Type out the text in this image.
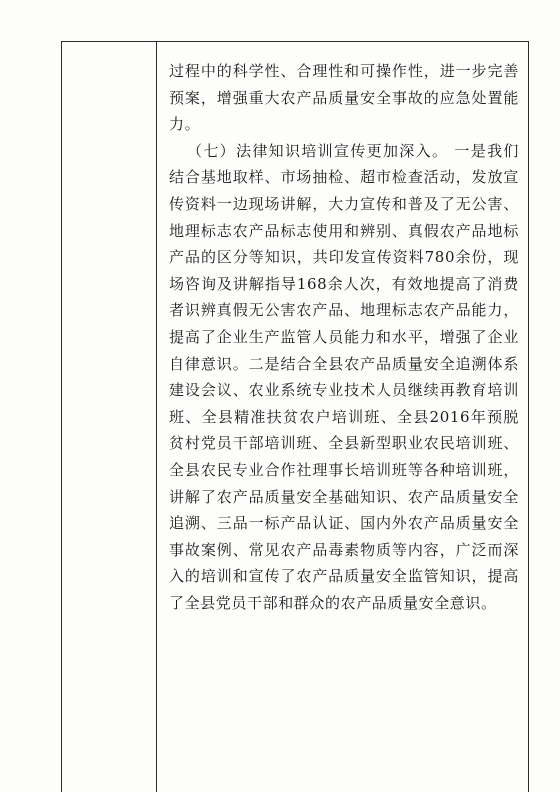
过程中的科学性、合理性和可操作性，进一步完善预案，增强重大农产品质量安全事故的应急处置能力。

（七）法律知识培训宣传更加深入。 一是我们结合基地取样、市场抽检、超市检查活动，发放宣传资料一边现场讲解，大力宣传和普及了无公害、地理标志农产品标志使用和辨别、真假农产品地标产品的区分等知识，共印发宣传资料780余份，现场咨询及讲解指导168余人次，有效地提高了消费者识辨真假无公害农产品、地理标志农产品能力，提高了企业生产监管人员能力和水平，增强了企业自律意识。二是结合全县农产品质量安全追溯体系建设会议、农业系统专业技术人员继续再教育培训班、全县精准扶贫农户培训班、全县2016年预脱贫村党员干部培训班、全县新型职业农民培训班、全县农民专业合作社理事长培训班等各种培训班，讲解了农产品质量安全基础知识、农产品质量安全追溯、三品一标产品认证、国内外农产品质量安全事故案例、常见农产品毒素物质等内容，广泛而深入的培训和宣传了农产品质量安全监管知识，提高了全县党员干部和群众的农产品质量安全意识。
